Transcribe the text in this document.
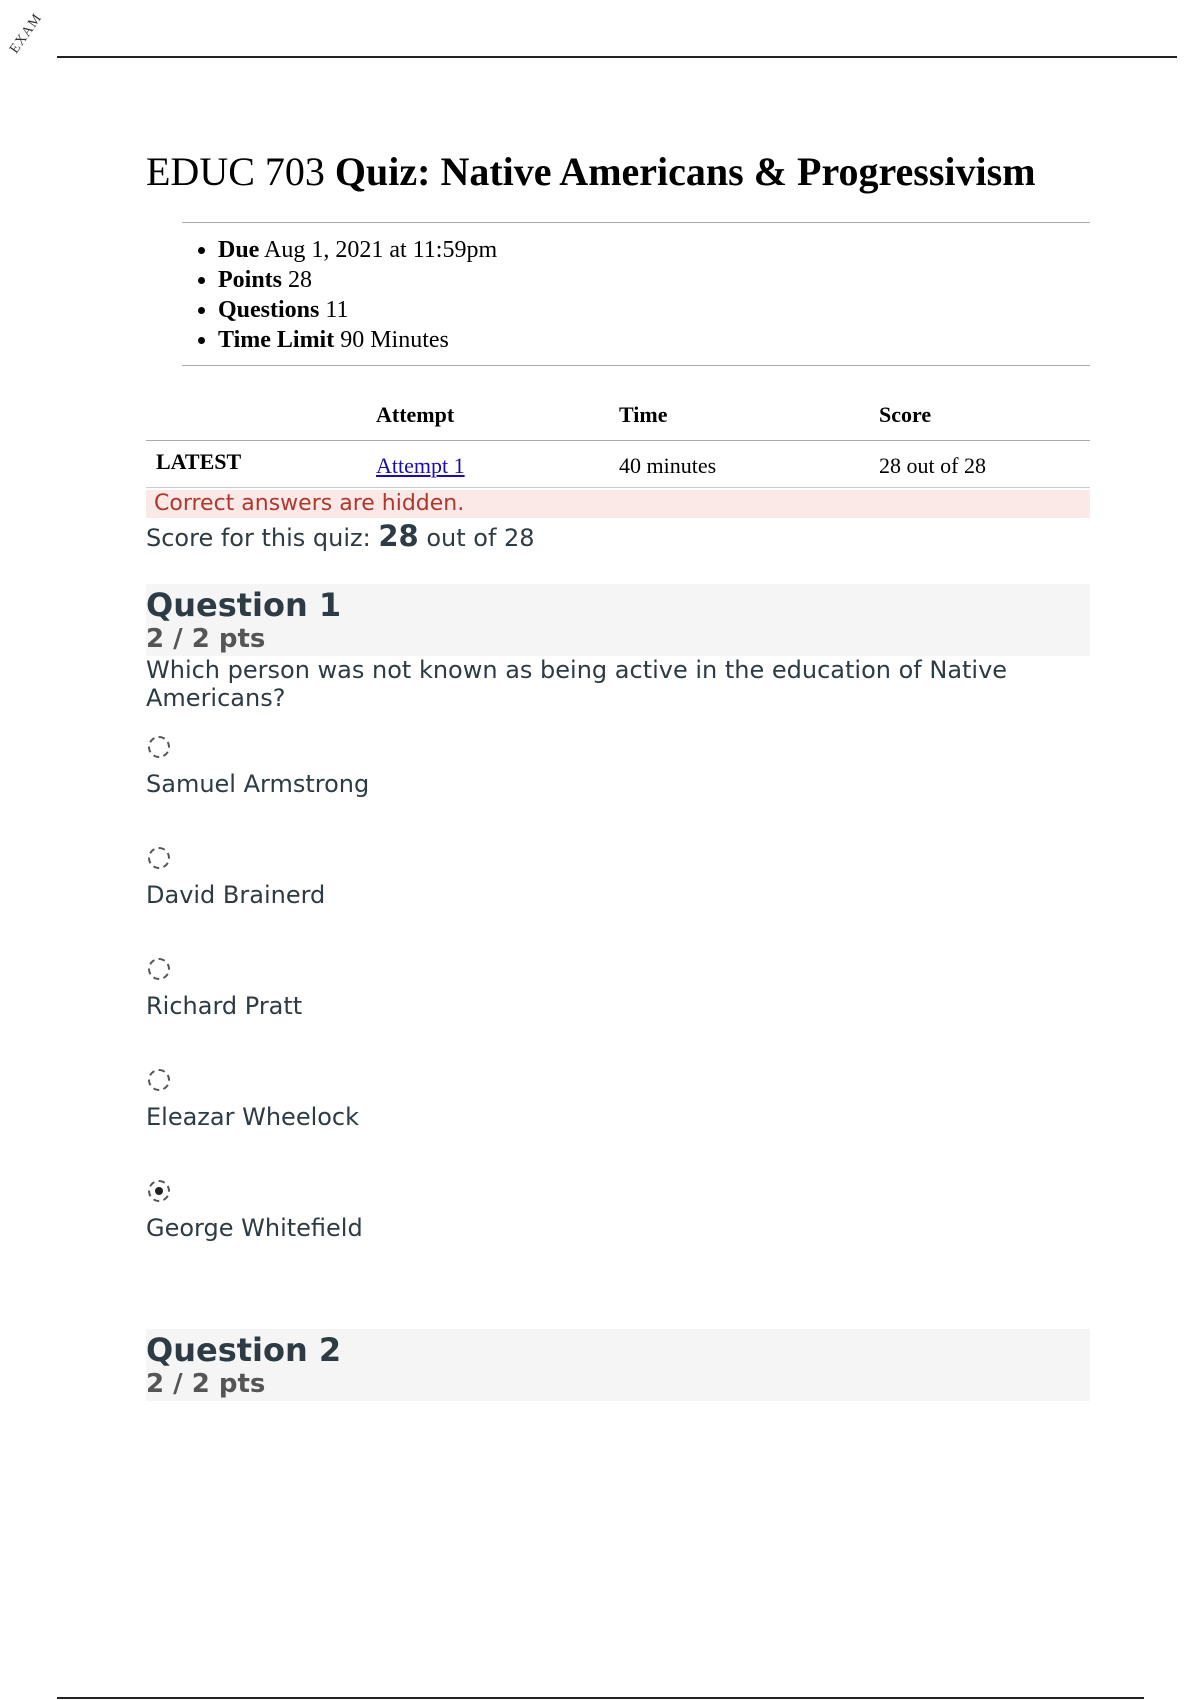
EXAM
EDUC 703 Quiz: Native Americans & Progressivism
• Due Aug 1, 2021 at 11:59pm
• Points 28
• Questions 11
• Time Limit 90 Minutes
	Attempt	Time	Score
LATEST	Attempt 1	40 minutes	28 out of 28
Correct answers are hidden.
Score for this quiz: 28 out of 28
Question 1
2 / 2 pts
Which person was not known as being active in the education of Native Americans?
Samuel Armstrong
David Brainerd
Richard Pratt
Eleazar Wheelock
George Whitefield
Question 2
2 / 2 pts
